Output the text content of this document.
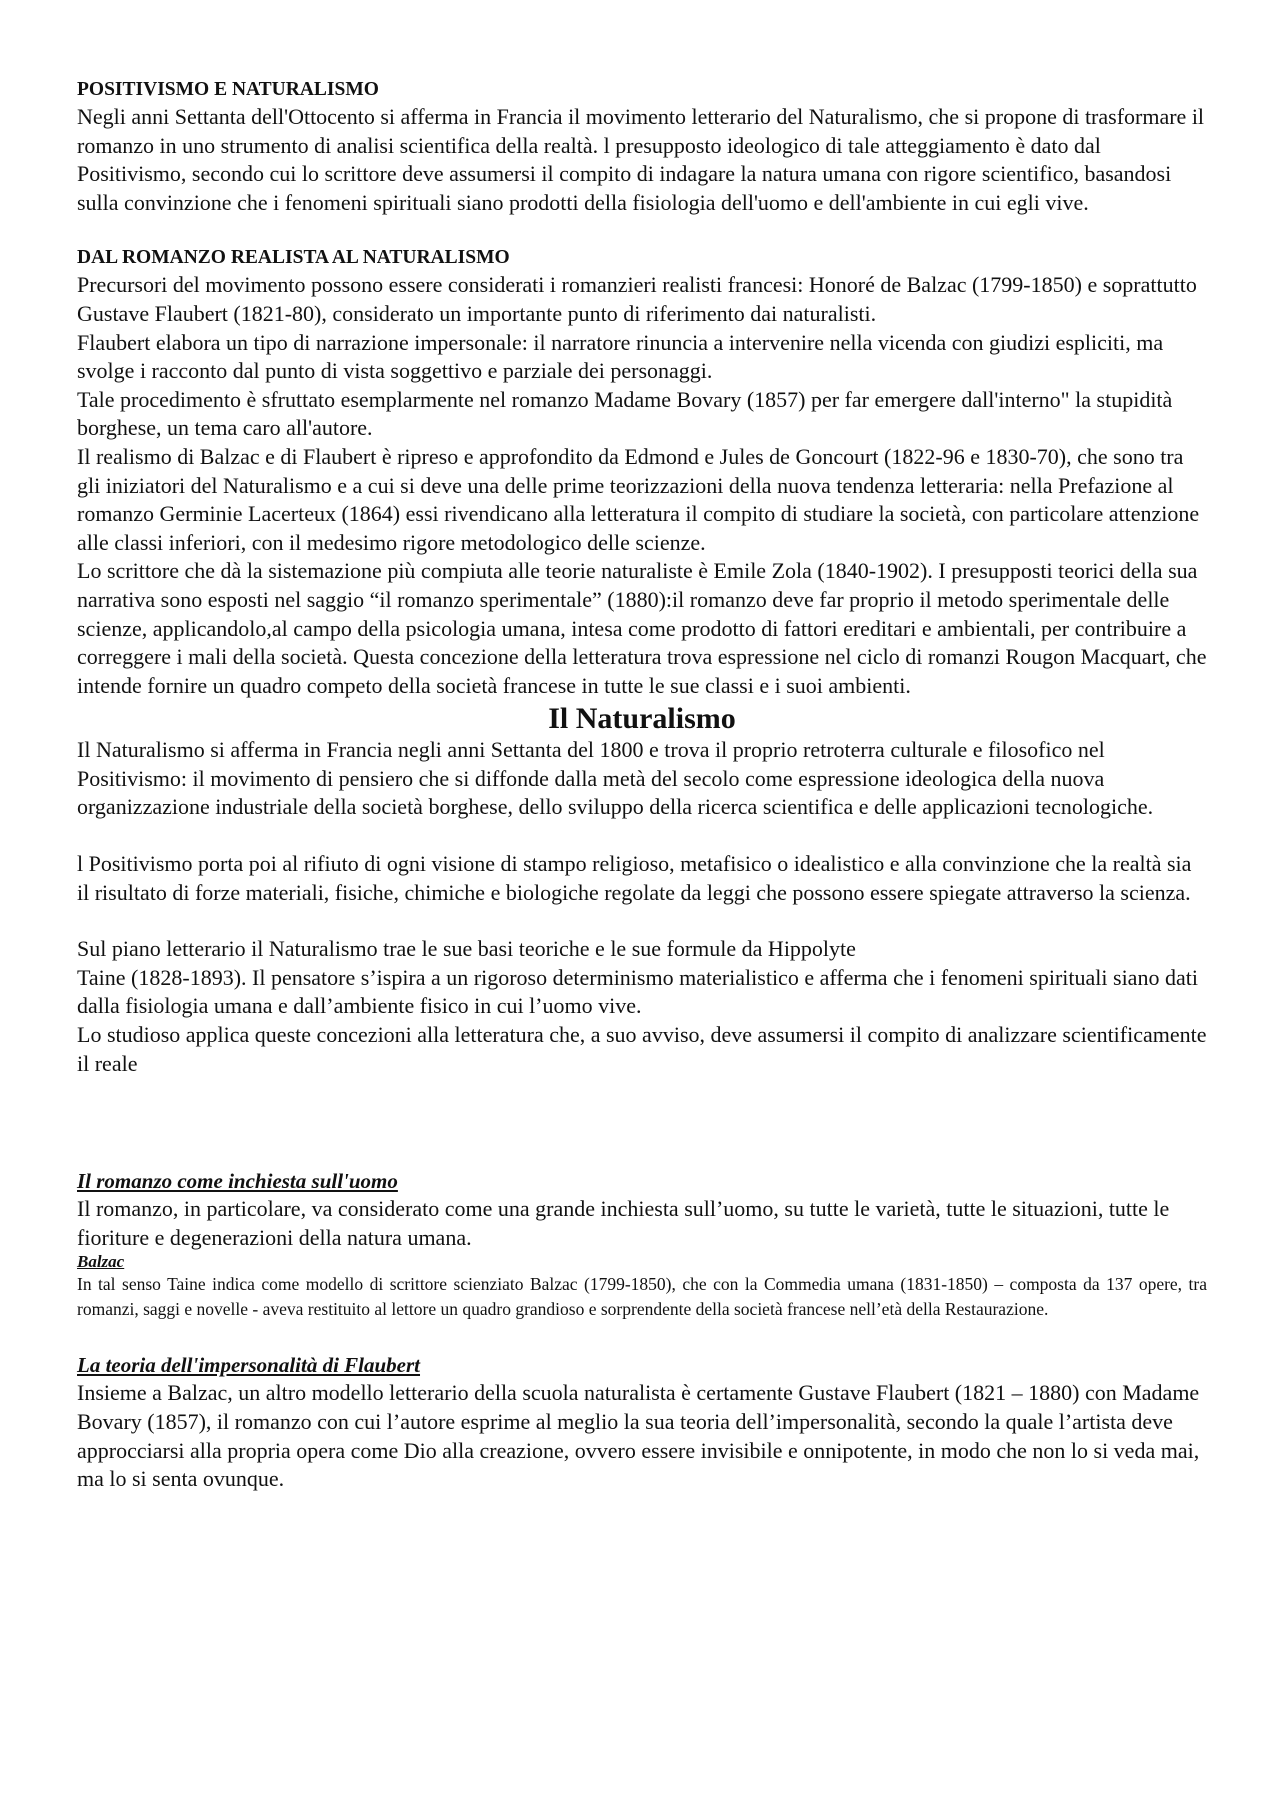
POSITIVISMO E NATURALISMO

Negli anni Settanta dell'Ottocento si afferma in Francia il movimento letterario del Naturalismo, che si propone di trasformare il romanzo in uno strumento di analisi scientifica della realtà. l presupposto ideologico di tale atteggiamento è dato dal Positivismo, secondo cui lo scrittore deve assumersi il compito di indagare la natura umana con rigore scientifico, basandosi sulla convinzione che i fenomeni spirituali siano prodotti della fisiologia dell'uomo e dell'ambiente in cui egli vive.

DAL ROMANZO REALISTA AL NATURALISMO

Precursori del movimento possono essere considerati i romanzieri realisti francesi: Honoré de Balzac (1799-1850) e soprattutto Gustave Flaubert (1821-80), considerato un importante punto di riferimento dai naturalisti.

Flaubert elabora un tipo di narrazione impersonale: il narratore rinuncia a intervenire nella vicenda con giudizi espliciti, ma svolge i racconto dal punto di vista soggettivo e parziale dei personaggi.

Tale procedimento è sfruttato esemplarmente nel romanzo Madame Bovary (1857) per far emergere dall'interno" la stupidità borghese, un tema caro all'autore.

Il realismo di Balzac e di Flaubert è ripreso e approfondito da Edmond e Jules de Goncourt (1822-96 e 1830-70), che sono tra gli iniziatori del Naturalismo e a cui si deve una delle prime teorizzazioni della nuova tendenza letteraria: nella Prefazione al romanzo Germinie Lacerteux (1864) essi rivendicano alla letteratura il compito di studiare la società, con particolare attenzione alle classi inferiori, con il medesimo rigore metodologico delle scienze.

Lo scrittore che dà la sistemazione più compiuta alle teorie naturaliste è Emile Zola (1840-1902). I presupposti teorici della sua narrativa sono esposti nel saggio “il romanzo sperimentale” (1880):il romanzo deve far proprio il metodo sperimentale delle scienze, applicandolo,al campo della psicologia umana, intesa come prodotto di fattori ereditari e ambientali, per contribuire a correggere i mali della società. Questa concezione della letteratura trova espressione nel ciclo di romanzi Rougon Macquart, che intende fornire un quadro competo della società francese in tutte le sue classi e i suoi ambienti.

Il Naturalismo

Il Naturalismo si afferma in Francia negli anni Settanta del 1800 e trova il proprio retroterra culturale e filosofico nel Positivismo: il movimento di pensiero che si diffonde dalla metà del secolo come espressione ideologica della nuova organizzazione industriale della società borghese, dello sviluppo della ricerca scientifica e delle applicazioni tecnologiche.

l Positivismo porta poi al rifiuto di ogni visione di stampo religioso, metafisico o idealistico e alla convinzione che la realtà sia il risultato di forze materiali, fisiche, chimiche e biologiche regolate da leggi che possono essere spiegate attraverso la scienza.

Sul piano letterario il Naturalismo trae le sue basi teoriche e le sue formule da Hippolyte

Taine (1828-1893). Il pensatore s’ispira a un rigoroso determinismo materialistico e afferma che i fenomeni spirituali siano dati dalla fisiologia umana e dall’ambiente fisico in cui l’uomo vive.

Lo studioso applica queste concezioni alla letteratura che, a suo avviso, deve assumersi il compito di analizzare scientificamente il reale

Il romanzo come inchiesta sull'uomo

Il romanzo, in particolare, va considerato come una grande inchiesta sull’uomo, su tutte le varietà, tutte le situazioni, tutte le fioriture e degenerazioni della natura umana.

Balzac

In tal senso Taine indica come modello di scrittore scienziato Balzac (1799-1850), che con la Commedia umana (1831-1850) – composta da 137 opere, tra romanzi, saggi e novelle - aveva restituito al lettore un quadro grandioso e sorprendente della società francese nell’età della Restaurazione.

La teoria dell'impersonalità di Flaubert

Insieme a Balzac, un altro modello letterario della scuola naturalista è certamente Gustave Flaubert (1821 – 1880) con Madame Bovary (1857), il romanzo con cui l’autore esprime al meglio la sua teoria dell’impersonalità, secondo la quale l’artista deve approcciarsi alla propria opera come Dio alla creazione, ovvero essere invisibile e onnipotente, in modo che non lo si veda mai, ma lo si senta ovunque.
